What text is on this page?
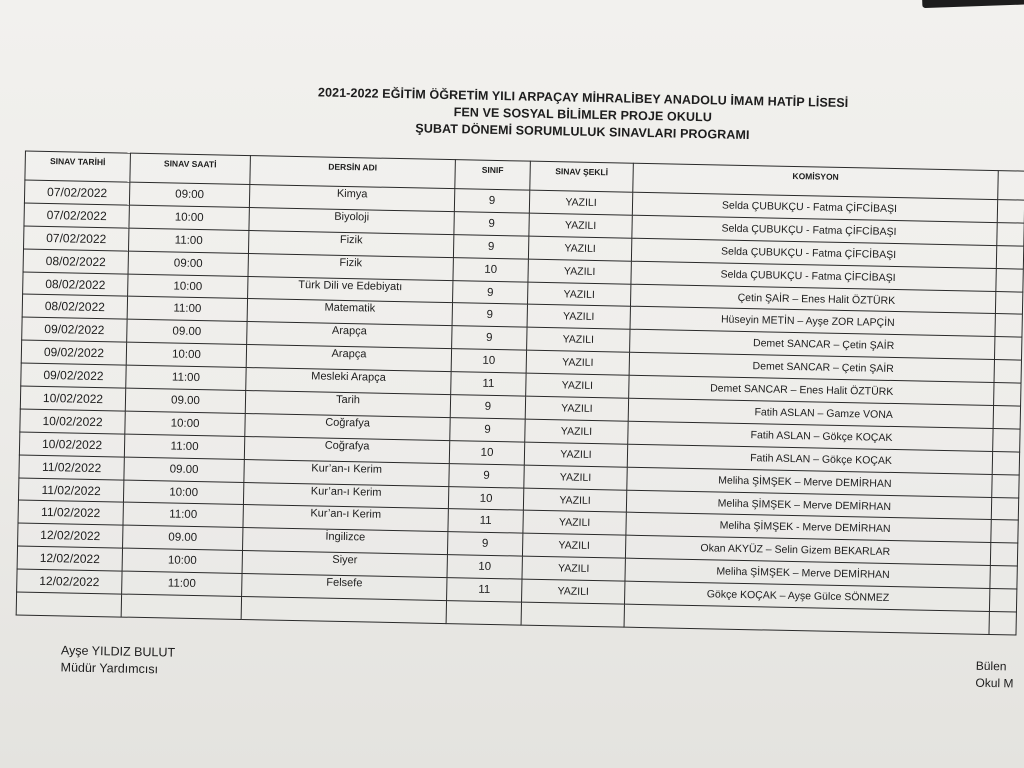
2021-2022 EĞİTİM ÖĞRETİM YILI ARPAÇAY MİHRALİBEY ANADOLU İMAM HATİP LİSESİ
FEN VE SOSYAL BİLİMLER PROJE OKULU
ŞUBAT DÖNEMİ SORUMLULUK SINAVLARI PROGRAMI
SINAV TARİHİ	SINAV SAATİ	DERSİN ADI	SINIF	SINAV ŞEKLİ	KOMİSYON	
07/02/2022	09:00	Kimya	9	YAZILI	Selda ÇUBUKÇU - Fatma ÇİFCİBAŞI	
07/02/2022	10:00	Biyoloji	9	YAZILI	Selda ÇUBUKÇU - Fatma ÇİFCİBAŞI	
07/02/2022	11:00	Fizik	9	YAZILI	Selda ÇUBUKÇU - Fatma ÇİFCİBAŞI	
08/02/2022	09:00	Fizik	10	YAZILI	Selda ÇUBUKÇU - Fatma ÇİFCİBAŞI	
08/02/2022	10:00	Türk Dili ve Edebiyatı	9	YAZILI	Çetin ŞAİR – Enes Halit ÖZTÜRK	
08/02/2022	11:00	Matematik	9	YAZILI	Hüseyin METİN – Ayşe ZOR LAPÇİN	
09/02/2022	09.00	Arapça	9	YAZILI	Demet SANCAR – Çetin ŞAİR	
09/02/2022	10:00	Arapça	10	YAZILI	Demet SANCAR – Çetin ŞAİR	
09/02/2022	11:00	Mesleki Arapça	11	YAZILI	Demet SANCAR – Enes Halit ÖZTÜRK	
10/02/2022	09.00	Tarih	9	YAZILI	Fatih ASLAN – Gamze VONA	
10/02/2022	10:00	Coğrafya	9	YAZILI	Fatih ASLAN – Gökçe KOÇAK	
10/02/2022	11:00	Coğrafya	10	YAZILI	Fatih ASLAN – Gökçe KOÇAK	
11/02/2022	09.00	Kur’an-ı Kerim	9	YAZILI	Meliha ŞİMŞEK – Merve DEMİRHAN	
11/02/2022	10:00	Kur’an-ı Kerim	10	YAZILI	Meliha ŞİMŞEK – Merve DEMİRHAN	
11/02/2022	11:00	Kur’an-ı Kerim	11	YAZILI	Meliha ŞİMŞEK - Merve DEMİRHAN	
12/02/2022	09.00	İngilizce	9	YAZILI	Okan AKYÜZ – Selin Gizem BEKARLAR	
12/02/2022	10:00	Siyer	10	YAZILI	Meliha ŞİMŞEK – Merve DEMİRHAN	
12/02/2022	11:00	Felsefe	11	YAZILI	Gökçe KOÇAK – Ayşe Gülce SÖNMEZ	

Ayşe YILDIZ BULUT
Müdür Yardımcısı	Bülen
Okul M
